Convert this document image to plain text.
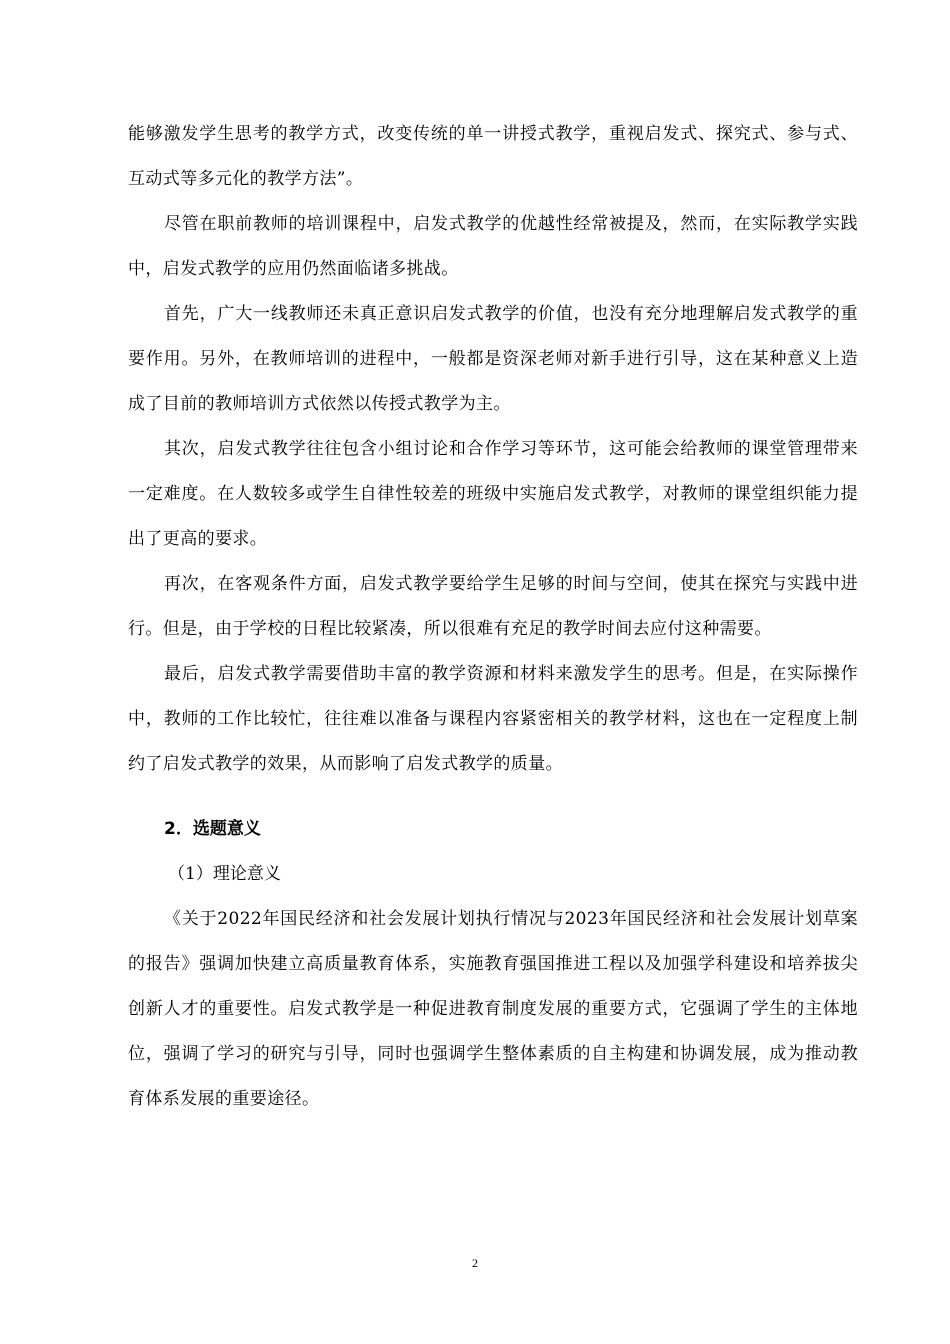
能够激发学生思考的教学方式，改变传统的单一讲授式教学，重视启发式、探究式、参与式、互动式等多元化的教学方法”。

尽管在职前教师的培训课程中，启发式教学的优越性经常被提及，然而，在实际教学实践中，启发式教学的应用仍然面临诸多挑战。

首先，广大一线教师还未真正意识启发式教学的价值，也没有充分地理解启发式教学的重要作用。另外，在教师培训的进程中，一般都是资深老师对新手进行引导，这在某种意义上造成了目前的教师培训方式依然以传授式教学为主。

其次，启发式教学往往包含小组讨论和合作学习等环节，这可能会给教师的课堂管理带来一定难度。在人数较多或学生自律性较差的班级中实施启发式教学，对教师的课堂组织能力提出了更高的要求。

再次，在客观条件方面，启发式教学要给学生足够的时间与空间，使其在探究与实践中进行。但是，由于学校的日程比较紧凑，所以很难有充足的教学时间去应付这种需要。

最后，启发式教学需要借助丰富的教学资源和材料来激发学生的思考。但是，在实际操作中，教师的工作比较忙，往往难以准备与课程内容紧密相关的教学材料，这也在一定程度上制约了启发式教学的效果，从而影响了启发式教学的质量。

2．选题意义
（1）理论意义

《关于2022年国民经济和社会发展计划执行情况与2023年国民经济和社会发展计划草案的报告》强调加快建立高质量教育体系，实施教育强国推进工程以及加强学科建设和培养拔尖创新人才的重要性。启发式教学是一种促进教育制度发展的重要方式，它强调了学生的主体地位，强调了学习的研究与引导，同时也强调学生整体素质的自主构建和协调发展，成为推动教育体系发展的重要途径。

2
